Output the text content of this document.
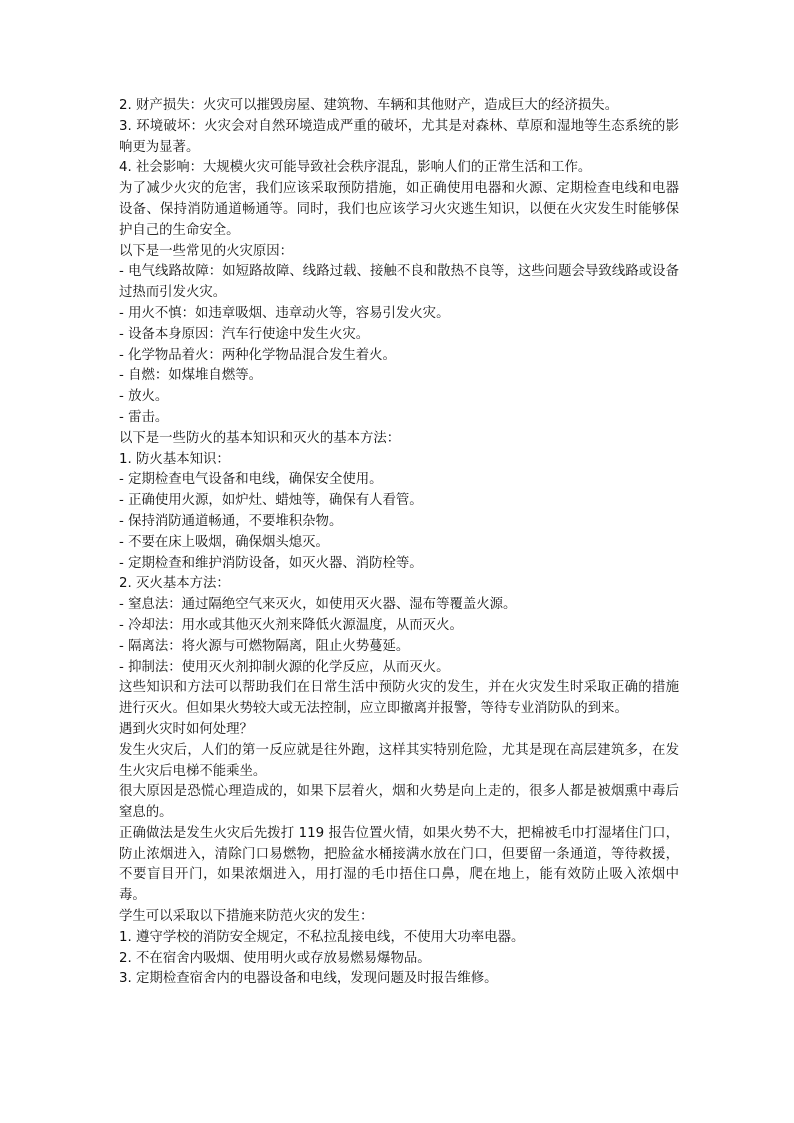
2. 财产损失：火灾可以摧毁房屋、建筑物、车辆和其他财产，造成巨大的经济损失。
3. 环境破坏：火灾会对自然环境造成严重的破坏，尤其是对森林、草原和湿地等生态系统的影响更为显著。
4. 社会影响：大规模火灾可能导致社会秩序混乱，影响人们的正常生活和工作。
为了减少火灾的危害，我们应该采取预防措施，如正确使用电器和火源、定期检查电线和电器设备、保持消防通道畅通等。同时，我们也应该学习火灾逃生知识，以便在火灾发生时能够保护自己的生命安全。
以下是一些常见的火灾原因：
- 电气线路故障：如短路故障、线路过载、接触不良和散热不良等，这些问题会导致线路或设备过热而引发火灾。
- 用火不慎：如违章吸烟、违章动火等，容易引发火灾。
- 设备本身原因：汽车行使途中发生火灾。
- 化学物品着火：两种化学物品混合发生着火。
- 自燃：如煤堆自燃等。
- 放火。
- 雷击。
以下是一些防火的基本知识和灭火的基本方法：
1. 防火基本知识：
- 定期检查电气设备和电线，确保安全使用。
- 正确使用火源，如炉灶、蜡烛等，确保有人看管。
- 保持消防通道畅通，不要堆积杂物。
- 不要在床上吸烟，确保烟头熄灭。
- 定期检查和维护消防设备，如灭火器、消防栓等。
2. 灭火基本方法：
- 窒息法：通过隔绝空气来灭火，如使用灭火器、湿布等覆盖火源。
- 冷却法：用水或其他灭火剂来降低火源温度，从而灭火。
- 隔离法：将火源与可燃物隔离，阻止火势蔓延。
- 抑制法：使用灭火剂抑制火源的化学反应，从而灭火。
这些知识和方法可以帮助我们在日常生活中预防火灾的发生，并在火灾发生时采取正确的措施进行灭火。但如果火势较大或无法控制，应立即撤离并报警，等待专业消防队的到来。
遇到火灾时如何处理？
发生火灾后，人们的第一反应就是往外跑，这样其实特别危险，尤其是现在高层建筑多，在发生火灾后电梯不能乘坐。
很大原因是恐慌心理造成的，如果下层着火，烟和火势是向上走的，很多人都是被烟熏中毒后窒息的。
正确做法是发生火灾后先拨打 119 报告位置火情，如果火势不大，把棉被毛巾打湿堵住门口，防止浓烟进入，清除门口易燃物，把脸盆水桶接满水放在门口，但要留一条通道，等待救援，不要盲目开门，如果浓烟进入，用打湿的毛巾捂住口鼻，爬在地上，能有效防止吸入浓烟中毒。
学生可以采取以下措施来防范火灾的发生：
1. 遵守学校的消防安全规定，不私拉乱接电线，不使用大功率电器。
2. 不在宿舍内吸烟、使用明火或存放易燃易爆物品。
3. 定期检查宿舍内的电器设备和电线，发现问题及时报告维修。
